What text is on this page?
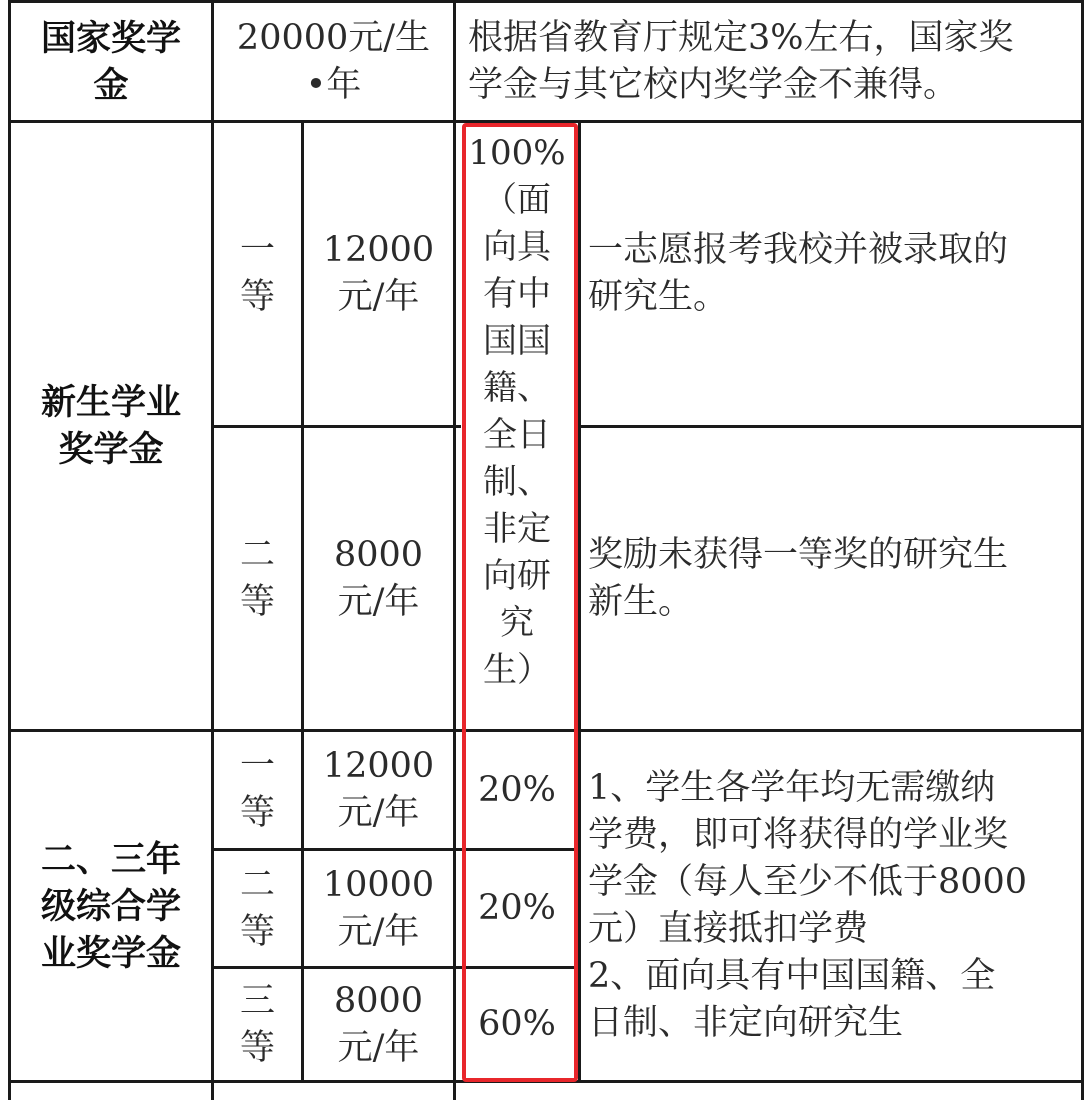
国家奖学
金
20000元/生
•年
根据省教育厅规定3%左右，国家奖
学金与其它校内奖学金不兼得。
新生学业
奖学金
一
等
12000
元/年
一志愿报考我校并被录取的
研究生。
二
等
8000
元/年
奖励未获得一等奖的研究生
新生。
100%
（面
向具
有中
国国
籍、
全日
制、
非定
向研
究
生）
二、三年
级综合学
业奖学金
一
等
12000
元/年
20%
二
等
10000
元/年
20%
三
等
8000
元/年
60%
1、学生各学年均无需缴纳
学费，即可将获得的学业奖
学金（每人至少不低于8000
元）直接抵扣学费
2、面向具有中国国籍、全
日制、非定向研究生
